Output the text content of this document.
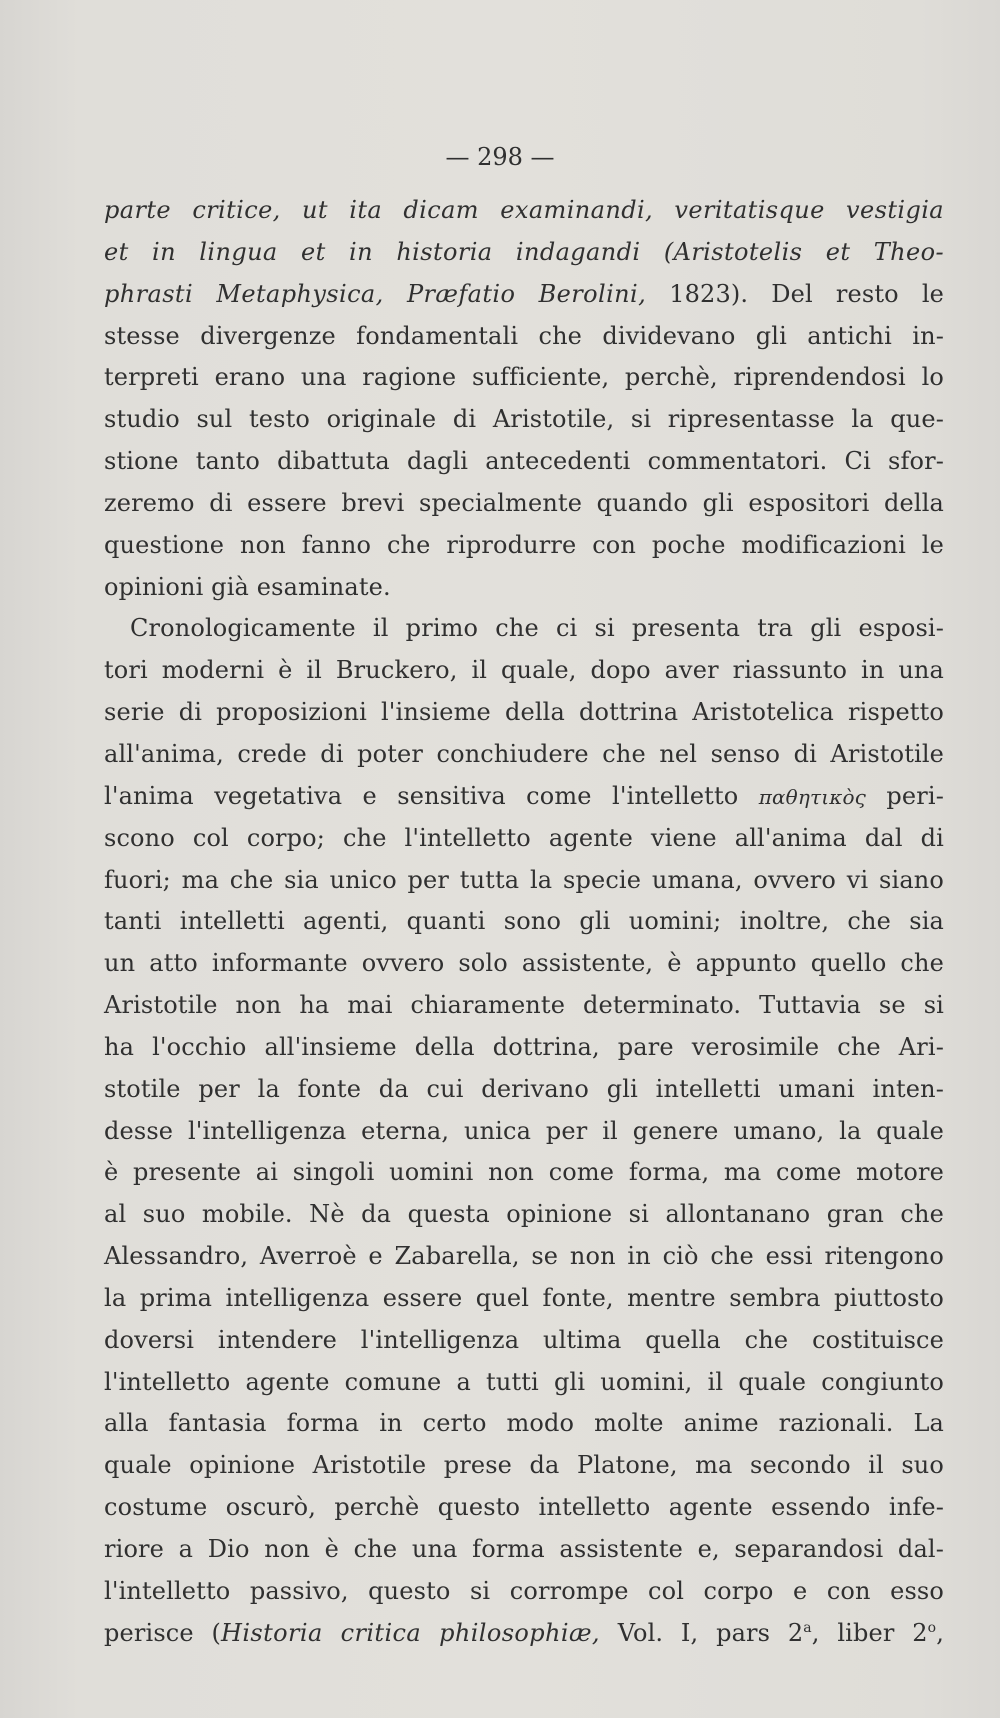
— 298 —
parte critice, ut ita dicam examinandi, veritatisque vestigia
et in lingua et in historia indagandi (Aristotelis et Theo-
phrasti Metaphysica, Præfatio Berolini, 1823). Del resto le
stesse divergenze fondamentali che dividevano gli antichi in-
terpreti erano una ragione sufficiente, perchè, riprendendosi lo
studio sul testo originale di Aristotile, si ripresentasse la que-
stione tanto dibattuta dagli antecedenti commentatori. Ci sfor-
zeremo di essere brevi specialmente quando gli espositori della
questione non fanno che riprodurre con poche modificazioni le
opinioni già esaminate.
Cronologicamente il primo che ci si presenta tra gli esposi-
tori moderni è il Bruckero, il quale, dopo aver riassunto in una
serie di proposizioni l'insieme della dottrina Aristotelica rispetto
all'anima, crede di poter conchiudere che nel senso di Aristotile
l'anima vegetativa e sensitiva come l'intelletto παθητικὸς peri-
scono col corpo; che l'intelletto agente viene all'anima dal di
fuori; ma che sia unico per tutta la specie umana, ovvero vi siano
tanti intelletti agenti, quanti sono gli uomini; inoltre, che sia
un atto informante ovvero solo assistente, è appunto quello che
Aristotile non ha mai chiaramente determinato. Tuttavia se si
ha l'occhio all'insieme della dottrina, pare verosimile che Ari-
stotile per la fonte da cui derivano gli intelletti umani inten-
desse l'intelligenza eterna, unica per il genere umano, la quale
è presente ai singoli uomini non come forma, ma come motore
al suo mobile. Nè da questa opinione si allontanano gran che
Alessandro, Averroè e Zabarella, se non in ciò che essi ritengono
la prima intelligenza essere quel fonte, mentre sembra piuttosto
doversi intendere l'intelligenza ultima quella che costituisce
l'intelletto agente comune a tutti gli uomini, il quale congiunto
alla fantasia forma in certo modo molte anime razionali. La
quale opinione Aristotile prese da Platone, ma secondo il suo
costume oscurò, perchè questo intelletto agente essendo infe-
riore a Dio non è che una forma assistente e, separandosi dal-
l'intelletto passivo, questo si corrompe col corpo e con esso
perisce (Historia critica philosophiæ, Vol. I, pars 2$^a$, liber 2$^o$,
